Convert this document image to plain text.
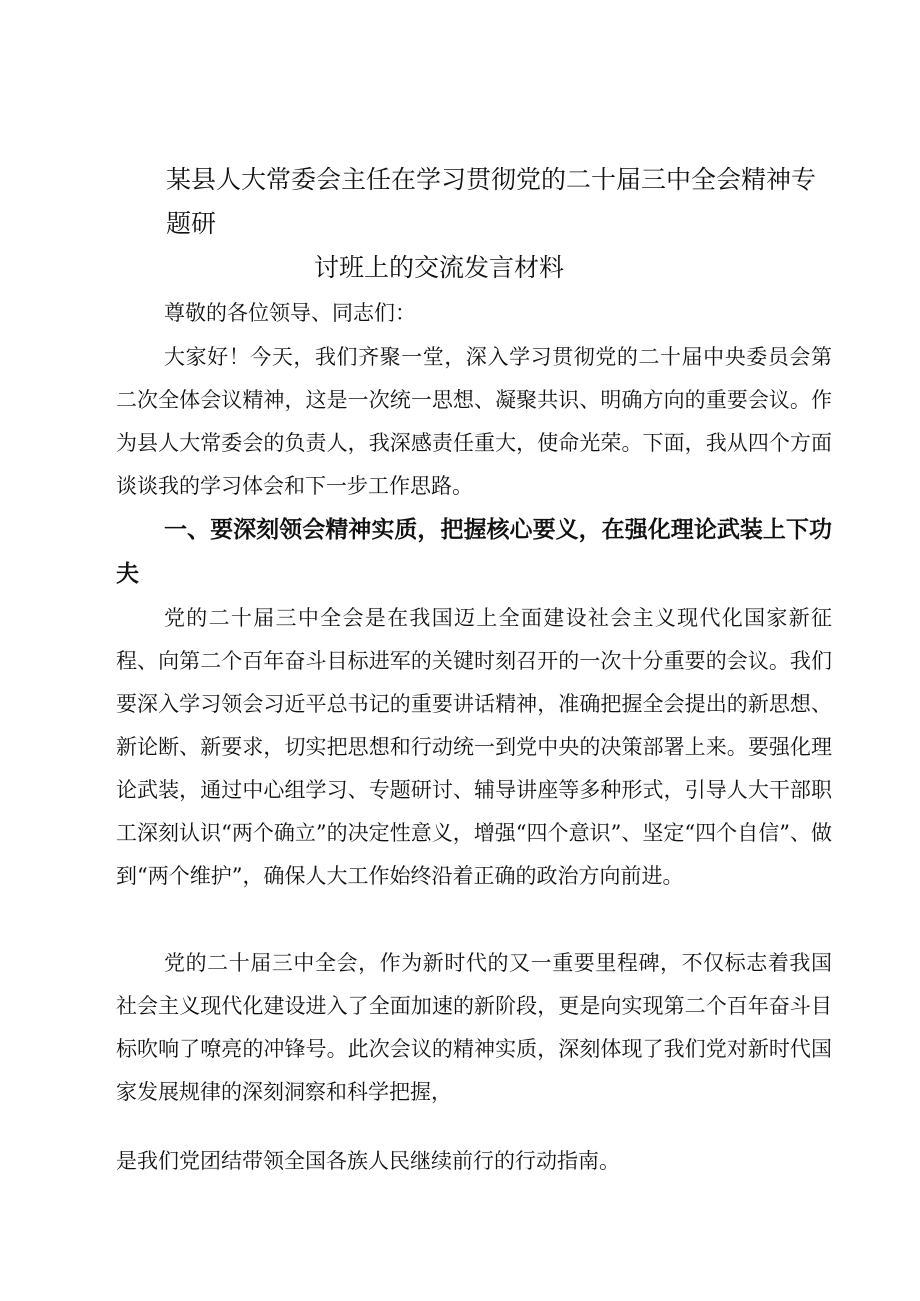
某县人大常委会主任在学习贯彻党的二十届三中全会精神专题研
讨班上的交流发言材料

尊敬的各位领导、同志们：

大家好！今天，我们齐聚一堂，深入学习贯彻党的二十届中央委员会第二次全体会议精神，这是一次统一思想、凝聚共识、明确方向的重要会议。作为县人大常委会的负责人，我深感责任重大，使命光荣。下面，我从四个方面谈谈我的学习体会和下一步工作思路。

一、要深刻领会精神实质，把握核心要义，在强化理论武装上下功夫

党的二十届三中全会是在我国迈上全面建设社会主义现代化国家新征程、向第二个百年奋斗目标进军的关键时刻召开的一次十分重要的会议。我们要深入学习领会习近平总书记的重要讲话精神，准确把握全会提出的新思想、新论断、新要求，切实把思想和行动统一到党中央的决策部署上来。要强化理论武装，通过中心组学习、专题研讨、辅导讲座等多种形式，引导人大干部职工深刻认识“两个确立”的决定性意义，增强“四个意识”、坚定“四个自信”、做到“两个维护”，确保人大工作始终沿着正确的政治方向前进。

党的二十届三中全会，作为新时代的又一重要里程碑，不仅标志着我国社会主义现代化建设进入了全面加速的新阶段，更是向实现第二个百年奋斗目标吹响了嘹亮的冲锋号。此次会议的精神实质，深刻体现了我们党对新时代国家发展规律的深刻洞察和科学把握，

是我们党团结带领全国各族人民继续前行的行动指南。
